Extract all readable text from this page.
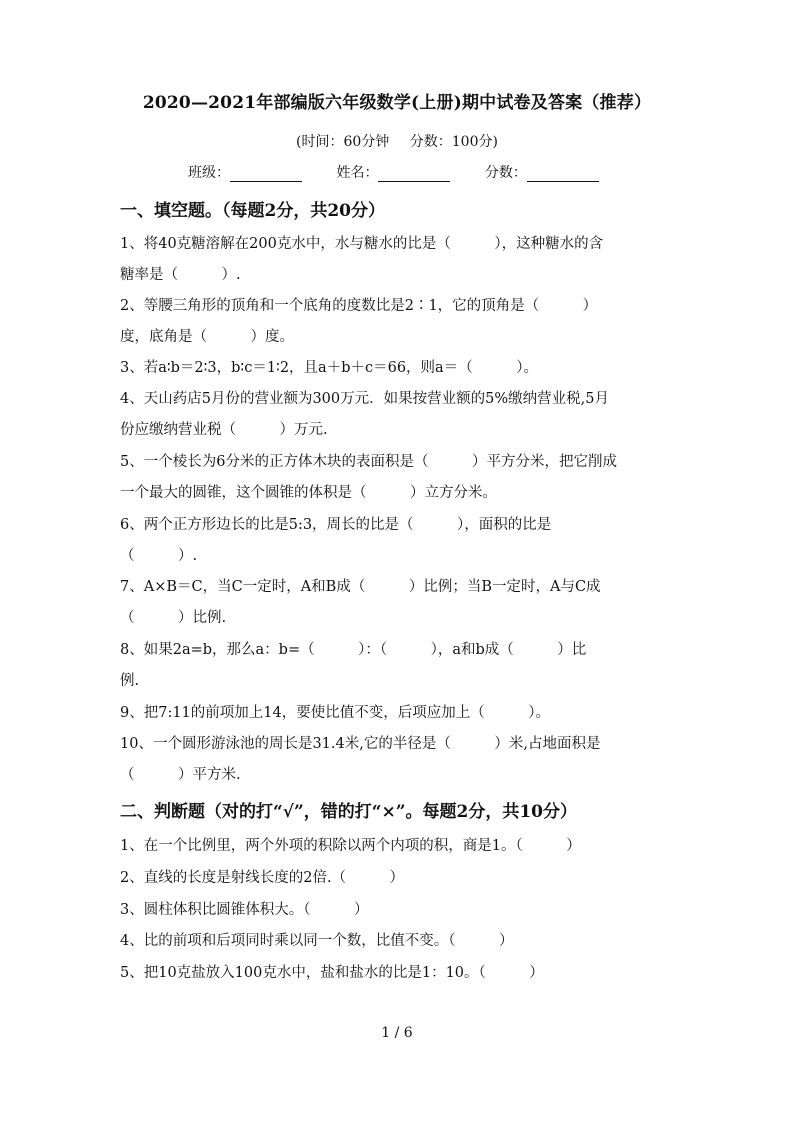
2020—2021年部编版六年级数学(上册)期中试卷及答案（推荐）
(时间：60分钟 分数：100分)
班级：	姓名：	分数：
一、填空题。（每题2分，共20分）
1、将40克糖溶解在200克水中，水与糖水的比是（　　　），这种糖水的含
糖率是（　　　）.
2、等腰三角形的顶角和一个底角的度数比是2∶1，它的顶角是（　　　）
度，底角是（　　　）度。
3、若a∶b＝2∶3，b∶c＝1∶2，且a＋b＋c＝66，则a＝（　　　）。
4、天山药店5月份的营业额为300万元．如果按营业额的5%缴纳营业税,5月
份应缴纳营业税（　　　）万元.
5、一个棱长为6分米的正方体木块的表面积是（　　　）平方分米，把它削成
一个最大的圆锥，这个圆锥的体积是（　　　）立方分米。
6、两个正方形边长的比是5:3，周长的比是（　　　），面积的比是
（　　　）.
7、A×B＝C，当C一定时，A和B成（　　　）比例；当B一定时，A与C成
（　　　）比例.
8、如果2a=b，那么a：b=（　　　）：（　　　），a和b成（　　　）比
例.
9、把7:11的前项加上14，要使比值不变，后项应加上（　　　）。
10、一个圆形游泳池的周长是31.4米,它的半径是（　　　）米,占地面积是
（　　　）平方米.
二、判断题（对的打“√”，错的打“×”。每题2分，共10分）
1、在一个比例里，两个外项的积除以两个内项的积，商是1。（　　　）
2、直线的长度是射线长度的2倍.（　　　）
3、圆柱体积比圆锥体积大。（　　　）
4、比的前项和后项同时乘以同一个数，比值不变。（　　　）
5、把10克盐放入100克水中，盐和盐水的比是1：10。（　　　）
1 / 6
